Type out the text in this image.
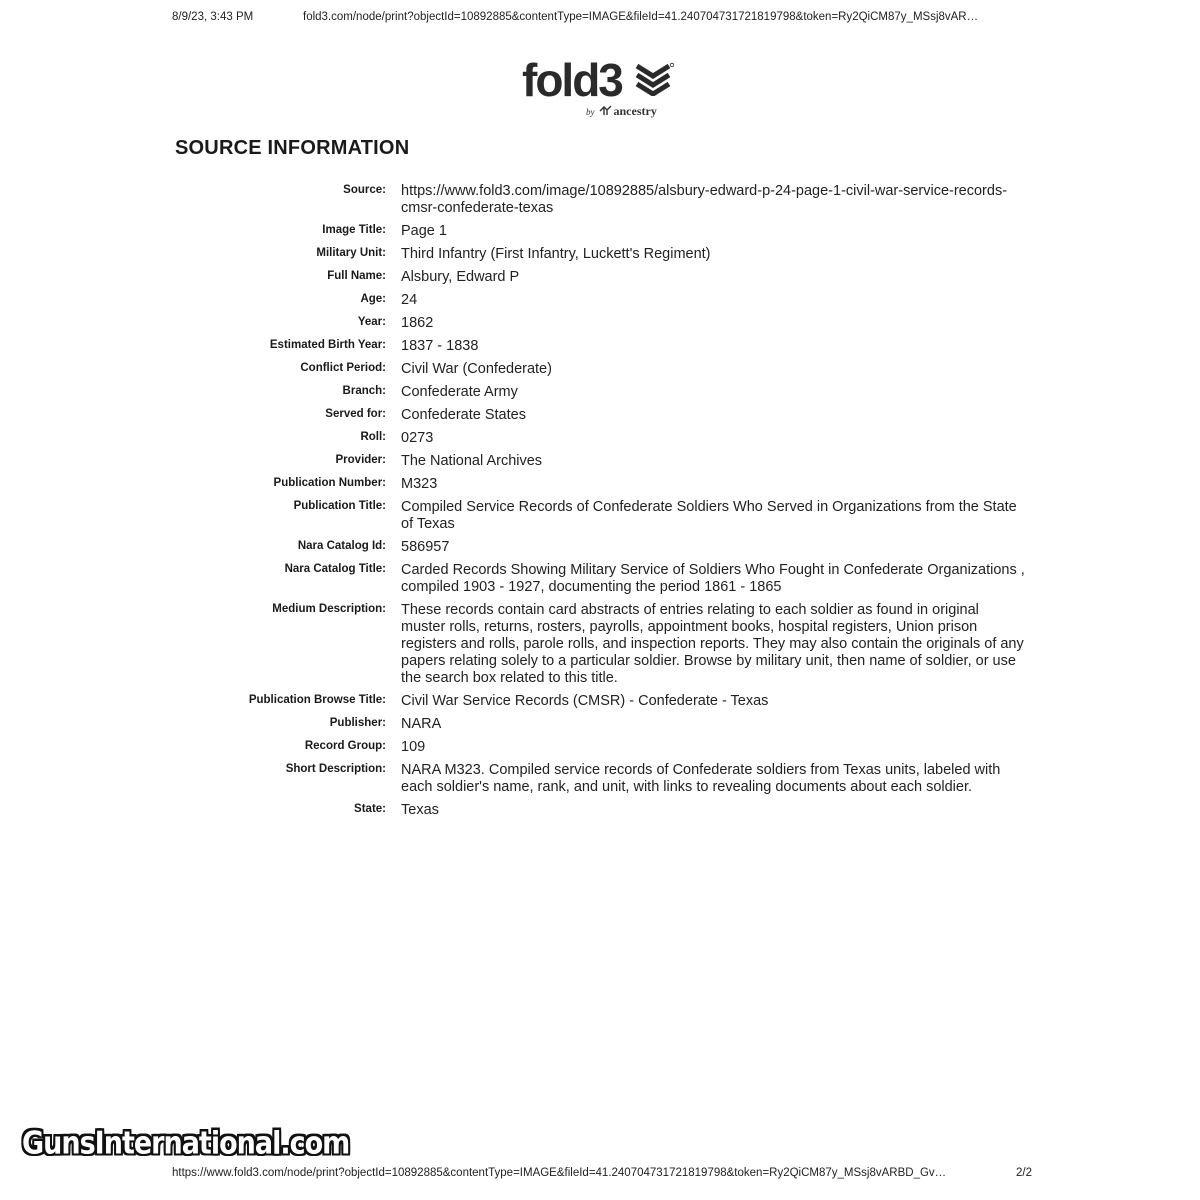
8/9/23, 3:43 PM	fold3.com/node/print?objectId=10892885&contentType=IMAGE&fileId=41.240704731721819798&token=Ry2QiCM87y_MSsj8vAR…
fold3
by ancestry
SOURCE INFORMATION
Source: https://www.fold3.com/image/10892885/alsbury-edward-p-24-page-1-civil-war-service-records-cmsr-confederate-texas
Image Title: Page 1
Military Unit: Third Infantry (First Infantry, Luckett's Regiment)
Full Name: Alsbury, Edward P
Age: 24
Year: 1862
Estimated Birth Year: 1837 - 1838
Conflict Period: Civil War (Confederate)
Branch: Confederate Army
Served for: Confederate States
Roll: 0273
Provider: The National Archives
Publication Number: M323
Publication Title: Compiled Service Records of Confederate Soldiers Who Served in Organizations from the State of Texas
Nara Catalog Id: 586957
Nara Catalog Title: Carded Records Showing Military Service of Soldiers Who Fought in Confederate Organizations , compiled 1903 - 1927, documenting the period 1861 - 1865
Medium Description: These records contain card abstracts of entries relating to each soldier as found in original muster rolls, returns, rosters, payrolls, appointment books, hospital registers, Union prison registers and rolls, parole rolls, and inspection reports. They may also contain the originals of any papers relating solely to a particular soldier. Browse by military unit, then name of soldier, or use the search box related to this title.
Publication Browse Title: Civil War Service Records (CMSR) - Confederate - Texas
Publisher: NARA
Record Group: 109
Short Description: NARA M323. Compiled service records of Confederate soldiers from Texas units, labeled with each soldier's name, rank, and unit, with links to revealing documents about each soldier.
State: Texas
GunsInternational.com
https://www.fold3.com/node/print?objectId=10892885&contentType=IMAGE&fileId=41.240704731721819798&token=Ry2QiCM87y_MSsj8vARBD_Gv…	2/2
